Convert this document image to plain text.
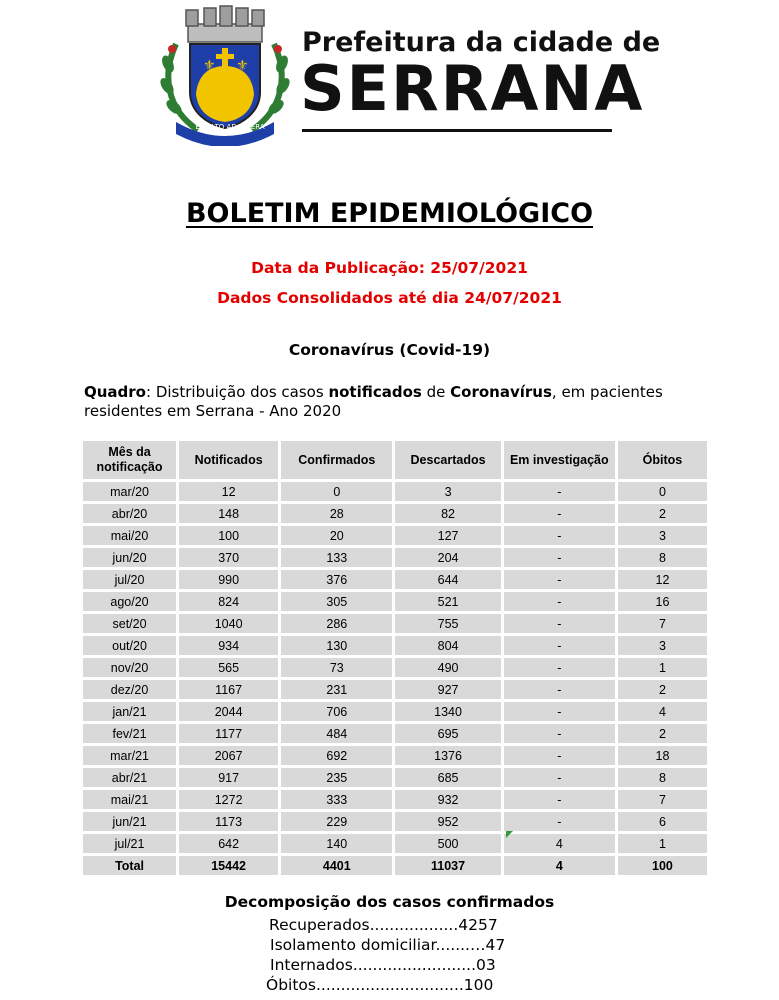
⚜ ⚜
EX ALTO AD SIDERA
Prefeitura da cidade de
SERRANA
BOLETIM EPIDEMIOLÓGICO
Data da Publicação: 25/07/2021
Dados Consolidados até dia 24/07/2021
Coronavírus (Covid-19)
Quadro: Distribuição dos casos notificados de Coronavírus, em pacientes residentes em Serrana - Ano 2020
Mês da notificação	Notificados	Confirmados	Descartados	Em investigação	Óbitos
mar/20	12	0	3	-	0
abr/20	148	28	82	-	2
mai/20	100	20	127	-	3
jun/20	370	133	204	-	8
jul/20	990	376	644	-	12
ago/20	824	305	521	-	16
set/20	1040	286	755	-	7
out/20	934	130	804	-	3
nov/20	565	73	490	-	1
dez/20	1167	231	927	-	2
jan/21	2044	706	1340	-	4
fev/21	1177	484	695	-	2
mar/21	2067	692	1376	-	18
abr/21	917	235	685	-	8
mai/21	1272	333	932	-	7
jun/21	1173	229	952	-	6
jul/21	642	140	500	4	1
Total	15442	4401	11037	4	100
Decomposição dos casos confirmados
Recuperados..................4257
Isolamento domiciliar.......…47
Internados.........................03
Óbitos..............................100
